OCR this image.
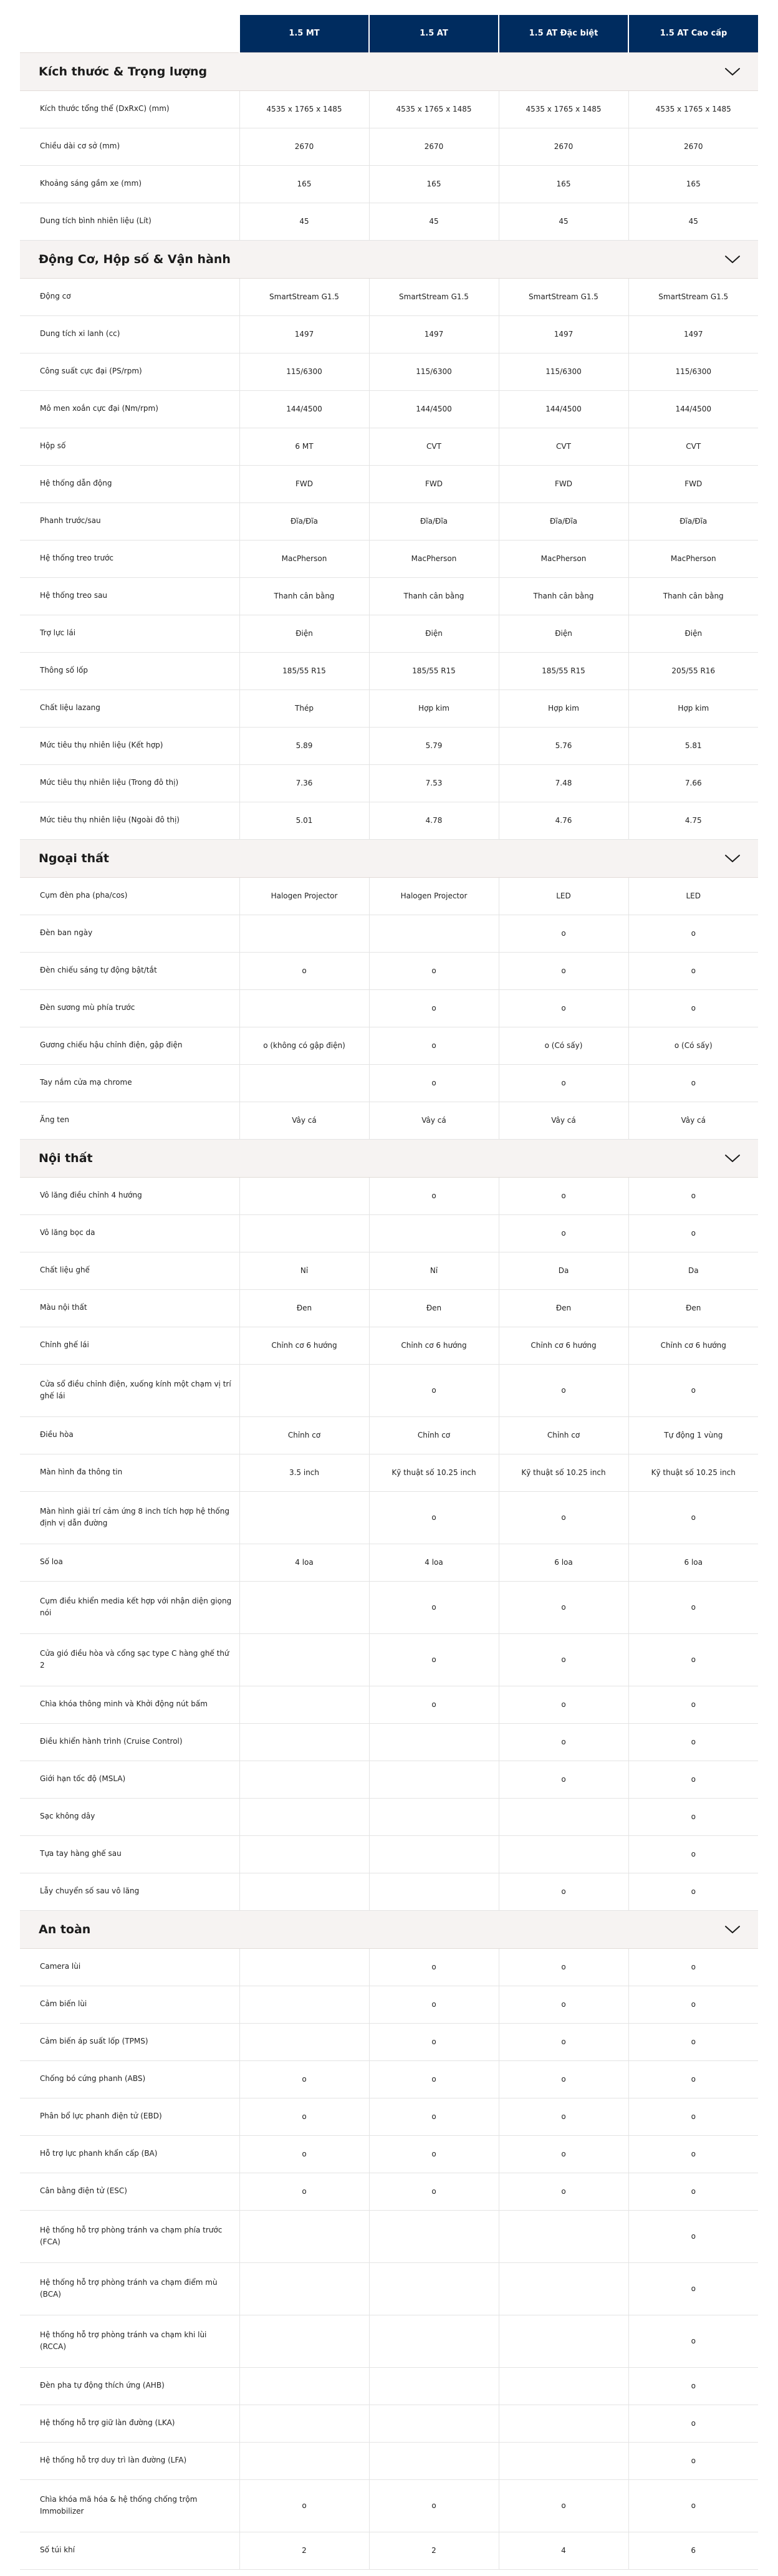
	1.5 MT	1.5 AT	1.5 AT Đặc biệt	1.5 AT Cao cấp
Kích thước & Trọng lượng				

Kích thước tổng thể (DxRxC) (mm)	4535 x 1765 x 1485	4535 x 1765 x 1485	4535 x 1765 x 1485	4535 x 1765 x 1485

Chiều dài cơ sở (mm)	2670	2670	2670	2670

Khoảng sáng gầm xe (mm)	165	165	165	165

Dung tích bình nhiên liệu (Lít)	45	45	45	45
Động Cơ, Hộp số & Vận hành				

Động cơ	SmartStream G1.5	SmartStream G1.5	SmartStream G1.5	SmartStream G1.5

Dung tích xi lanh (cc)	1497	1497	1497	1497

Công suất cực đại (PS/rpm)	115/6300	115/6300	115/6300	115/6300

Mô men xoắn cực đại (Nm/rpm)	144/4500	144/4500	144/4500	144/4500

Hộp số	6 MT	CVT	CVT	CVT

Hệ thống dẫn động	FWD	FWD	FWD	FWD

Phanh trước/sau	Đĩa/Đĩa	Đĩa/Đĩa	Đĩa/Đĩa	Đĩa/Đĩa

Hệ thống treo trước	MacPherson	MacPherson	MacPherson	MacPherson

Hệ thống treo sau	Thanh cân bằng	Thanh cân bằng	Thanh cân bằng	Thanh cân bằng

Trợ lực lái	Điện	Điện	Điện	Điện

Thông số lốp	185/55 R15	185/55 R15	185/55 R15	205/55 R16

Chất liệu lazang	Thép	Hợp kim	Hợp kim	Hợp kim

Mức tiêu thụ nhiên liệu (Kết hợp)	5.89	5.79	5.76	5.81

Mức tiêu thụ nhiên liệu (Trong đô thị)	7.36	7.53	7.48	7.66

Mức tiêu thụ nhiên liệu (Ngoài đô thị)	5.01	4.78	4.76	4.75
Ngoại thất				

Cụm đèn pha (pha/cos)	Halogen Projector	Halogen Projector	LED	LED

Đèn ban ngày			o	o

Đèn chiếu sáng tự động bật/tắt	o	o	o	o

Đèn sương mù phía trước		o	o	o

Gương chiếu hậu chỉnh điện, gập điện	o (không có gập điện)	o	o (Có sấy)	o (Có sấy)

Tay nắm cửa mạ chrome		o	o	o

Ăng ten	Vây cá	Vây cá	Vây cá	Vây cá
Nội thất				

Vô lăng điều chỉnh 4 hướng		o	o	o

Vô lăng bọc da			o	o

Chất liệu ghế	Nỉ	Nỉ	Da	Da

Màu nội thất	Đen	Đen	Đen	Đen

Chỉnh ghế lái	Chỉnh cơ 6 hướng	Chỉnh cơ 6 hướng	Chỉnh cơ 6 hướng	Chỉnh cơ 6 hướng

Cửa sổ điều chỉnh điện, xuống kính một chạm vị trí ghế lái		o	o	o

Điều hòa	Chỉnh cơ	Chỉnh cơ	Chỉnh cơ	Tự động 1 vùng

Màn hình đa thông tin	3.5 inch	Kỹ thuật số 10.25 inch	Kỹ thuật số 10.25 inch	Kỹ thuật số 10.25 inch

Màn hình giải trí cảm ứng 8 inch tích hợp hệ thống định vị dẫn đường		o	o	o

Số loa	4 loa	4 loa	6 loa	6 loa

Cụm điều khiển media kết hợp với nhận diện giọng nói		o	o	o

Cửa gió điều hòa và cổng sạc type C hàng ghế thứ 2		o	o	o

Chìa khóa thông minh và Khởi động nút bấm		o	o	o

Điều khiển hành trình (Cruise Control)			o	o

Giới hạn tốc độ (MSLA)			o	o

Sạc không dây				o

Tựa tay hàng ghế sau				o

Lẫy chuyển số sau vô lăng			o	o
An toàn				

Camera lùi		o	o	o

Cảm biến lùi		o	o	o

Cảm biến áp suất lốp (TPMS)		o	o	o

Chống bó cứng phanh (ABS)	o	o	o	o

Phân bổ lực phanh điện tử (EBD)	o	o	o	o

Hỗ trợ lực phanh khẩn cấp (BA)	o	o	o	o

Cân bằng điện tử (ESC)	o	o	o	o

Hệ thống hỗ trợ phòng tránh va chạm phía trước (FCA)				o

Hệ thống hỗ trợ phòng tránh va chạm điểm mù (BCA)				o

Hệ thống hỗ trợ phòng tránh va chạm khi lùi (RCCA)				o

Đèn pha tự động thích ứng (AHB)				o

Hệ thống hỗ trợ giữ làn đường (LKA)				o

Hệ thống hỗ trợ duy trì làn đường (LFA)				o

Chìa khóa mã hóa & hệ thống chống trộm Immobilizer	o	o	o	o

Số túi khí	2	2	4	6
